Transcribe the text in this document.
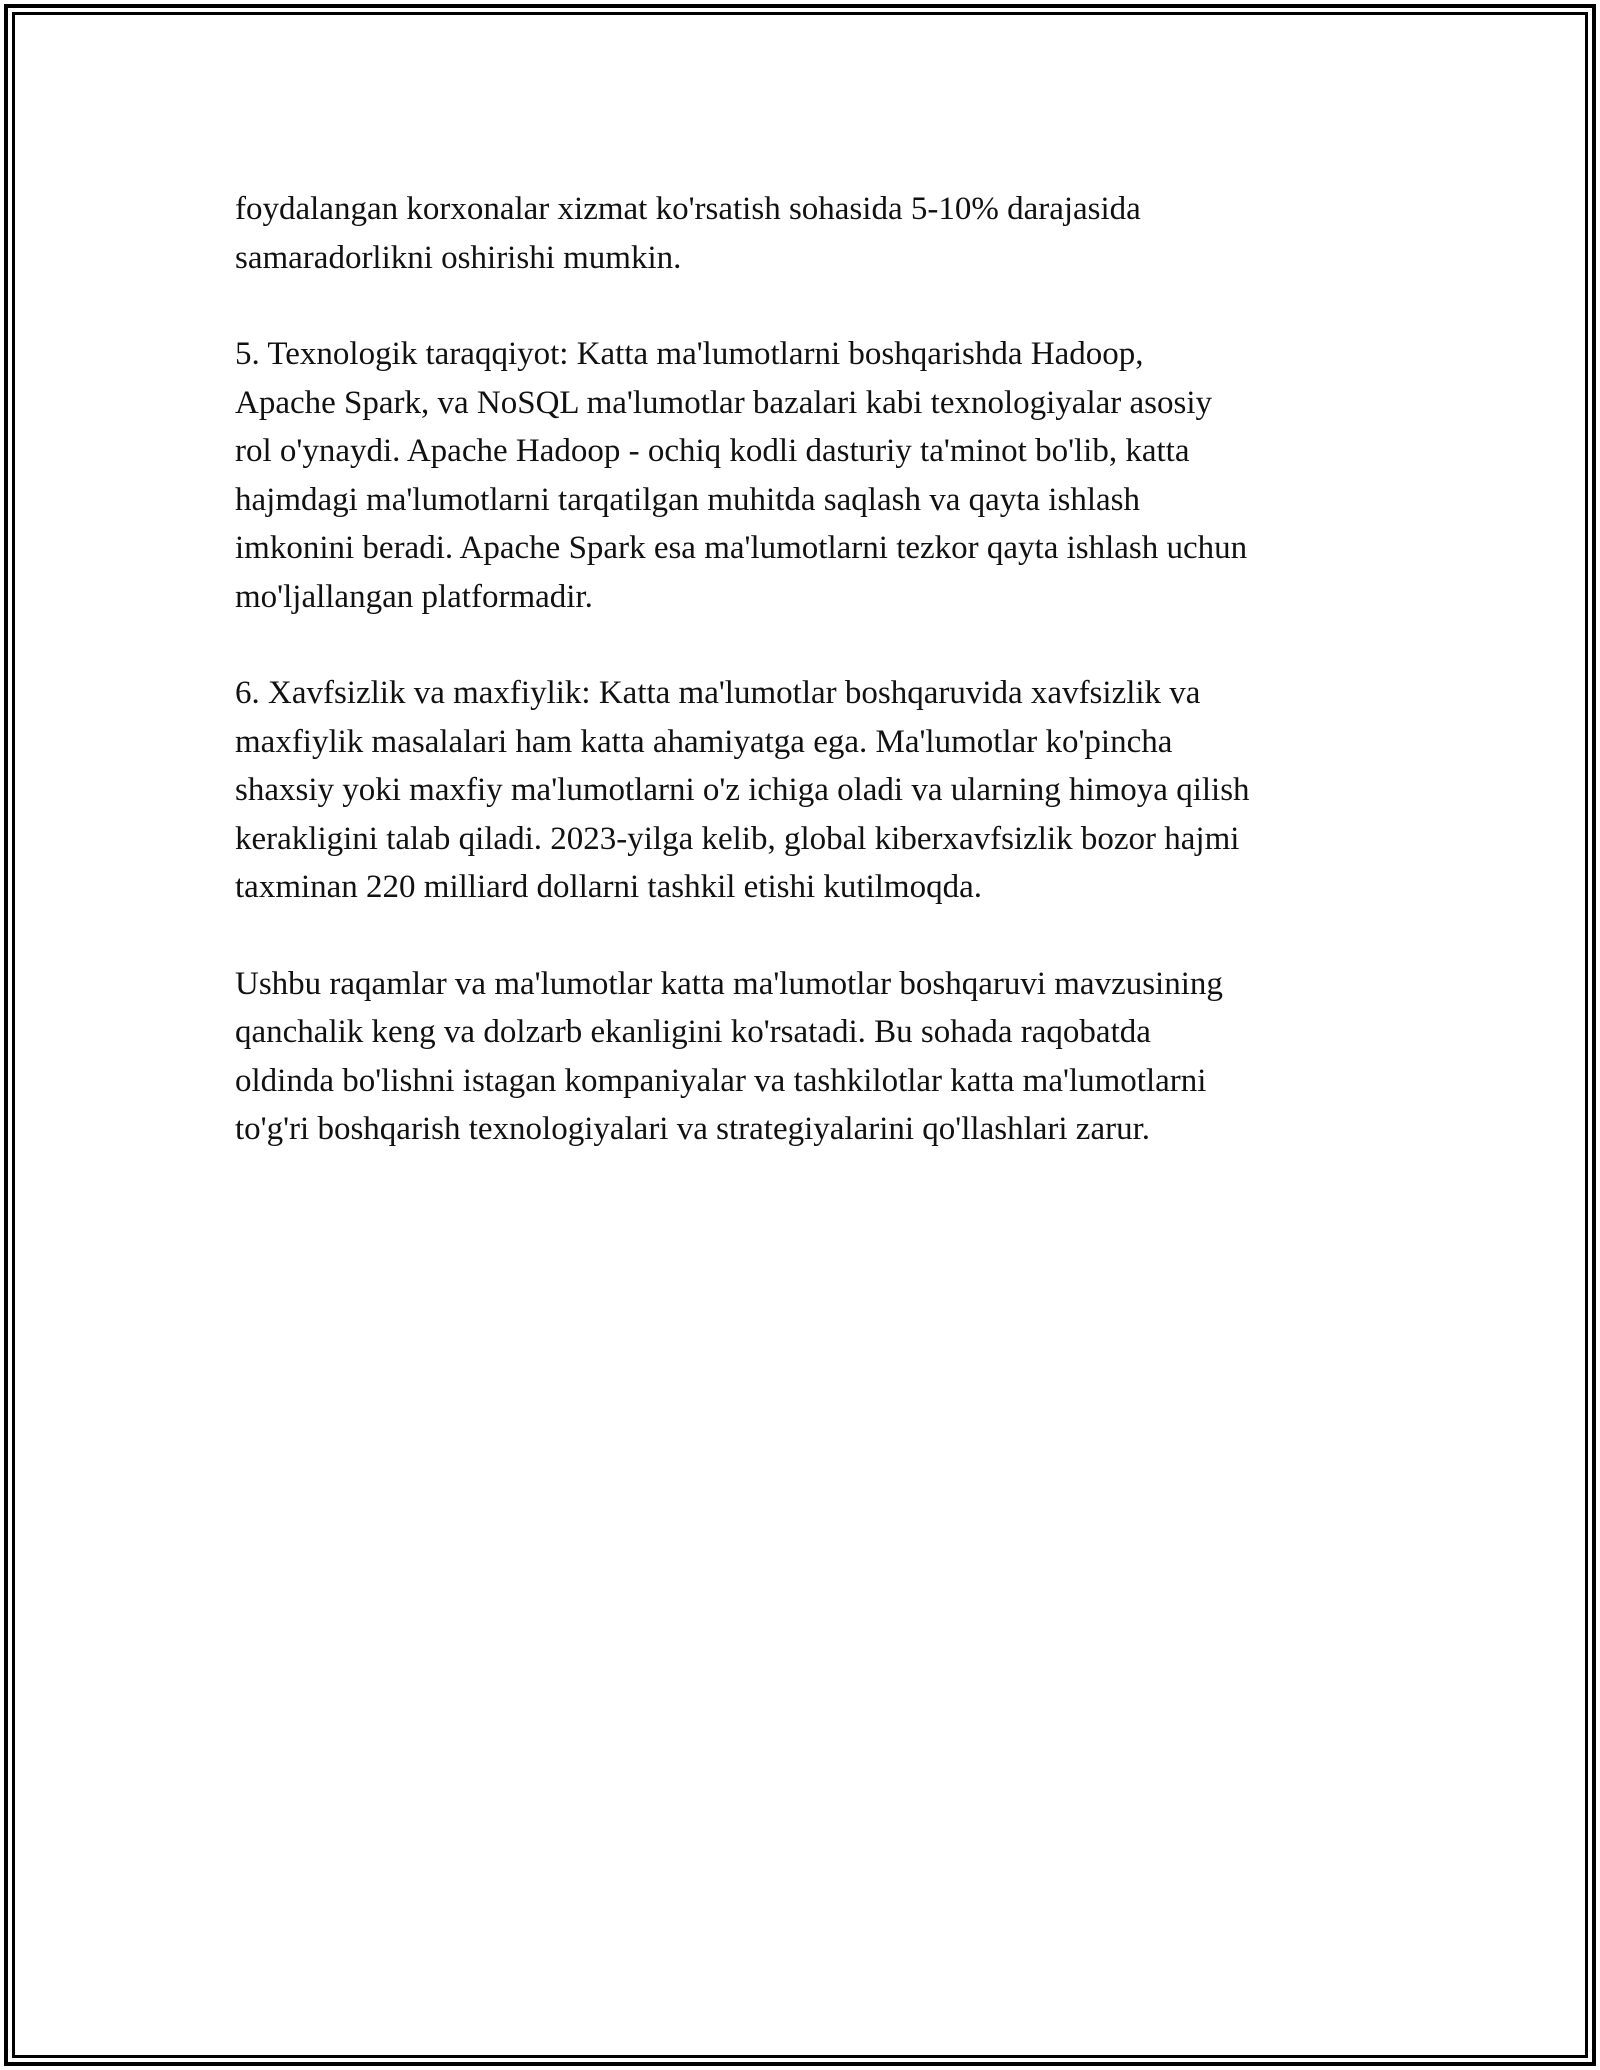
foydalangan korxonalar xizmat ko'rsatish sohasida 5-10% darajasida
samaradorlikni oshirishi mumkin.

5. Texnologik taraqqiyot: Katta ma'lumotlarni boshqarishda Hadoop,
Apache Spark, va NoSQL ma'lumotlar bazalari kabi texnologiyalar asosiy
rol o'ynaydi. Apache Hadoop - ochiq kodli dasturiy ta'minot bo'lib, katta
hajmdagi ma'lumotlarni tarqatilgan muhitda saqlash va qayta ishlash
imkonini beradi. Apache Spark esa ma'lumotlarni tezkor qayta ishlash uchun
mo'ljallangan platformadir.

6. Xavfsizlik va maxfiylik: Katta ma'lumotlar boshqaruvida xavfsizlik va
maxfiylik masalalari ham katta ahamiyatga ega. Ma'lumotlar ko'pincha
shaxsiy yoki maxfiy ma'lumotlarni o'z ichiga oladi va ularning himoya qilish
kerakligini talab qiladi. 2023-yilga kelib, global kiberxavfsizlik bozor hajmi
taxminan 220 milliard dollarni tashkil etishi kutilmoqda.

Ushbu raqamlar va ma'lumotlar katta ma'lumotlar boshqaruvi mavzusining
qanchalik keng va dolzarb ekanligini ko'rsatadi. Bu sohada raqobatda
oldinda bo'lishni istagan kompaniyalar va tashkilotlar katta ma'lumotlarni
to'g'ri boshqarish texnologiyalari va strategiyalarini qo'llashlari zarur.
